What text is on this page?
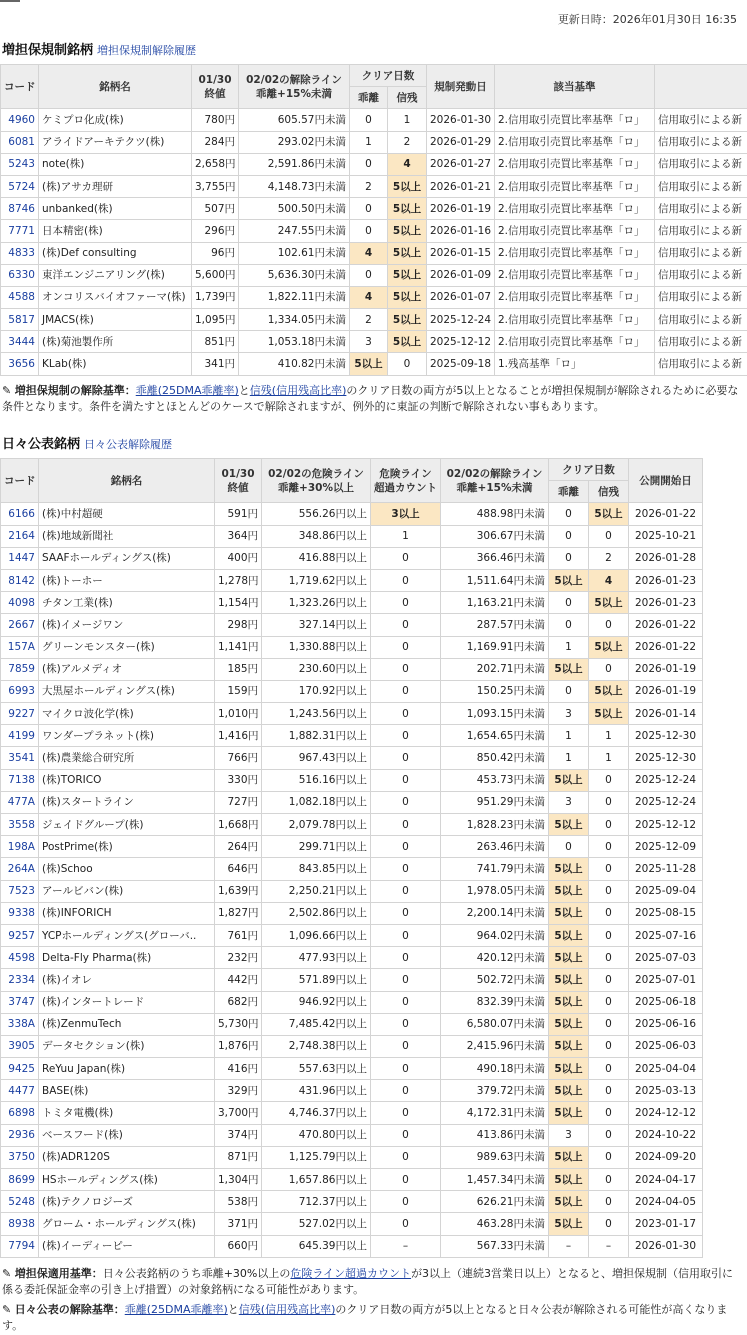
更新日時：2026年01月30日 16:35
増担保規制銘柄 増担保規制解除履歴
コード	銘柄名	01/30
終値	02/02の解除ライン
乖離+15%未満	クリア日数		規制発動日	該当基準	
				乖離	信残			
4960	ケミプロ化成(株)	780円	605.57円未満	0	1	2026-01-30	2.信用取引売買比率基準「ロ」	信用取引による新
6081	アライドアーキテクツ(株)	284円	293.02円未満	1	2	2026-01-29	2.信用取引売買比率基準「ロ」	信用取引による新
5243	note(株)	2,658円	2,591.86円未満	0	4	2026-01-27	2.信用取引売買比率基準「ロ」	信用取引による新
5724	(株)アサカ理研	3,755円	4,148.73円未満	2	5以上	2026-01-21	2.信用取引売買比率基準「ロ」	信用取引による新
8746	unbanked(株)	507円	500.50円未満	0	5以上	2026-01-19	2.信用取引売買比率基準「ロ」	信用取引による新
7771	日本精密(株)	296円	247.55円未満	0	5以上	2026-01-16	2.信用取引売買比率基準「ロ」	信用取引による新
4833	(株)Def consulting	96円	102.61円未満	4	5以上	2026-01-15	2.信用取引売買比率基準「ロ」	信用取引による新
6330	東洋エンジニアリング(株)	5,600円	5,636.30円未満	0	5以上	2026-01-09	2.信用取引売買比率基準「ロ」	信用取引による新
4588	オンコリスバイオファーマ(株)	1,739円	1,822.11円未満	4	5以上	2026-01-07	2.信用取引売買比率基準「ロ」	信用取引による新
5817	JMACS(株)	1,095円	1,334.05円未満	2	5以上	2025-12-24	2.信用取引売買比率基準「ロ」	信用取引による新
3444	(株)菊池製作所	851円	1,053.18円未満	3	5以上	2025-12-12	2.信用取引売買比率基準「ロ」	信用取引による新
3656	KLab(株)	341円	410.82円未満	5以上	0	2025-09-18	1.残高基準「ロ」	信用取引による新
✎ 増担保規制の解除基準：乖離(25DMA乖離率)と信残(信用残高比率)のクリア日数の両方が5以上となることが増担保規制が解除されるために必要な条件となります。条件を満たすとほとんどのケースで解除されますが、例外的に東証の判断で解除されない事もあります。
日々公表銘柄 日々公表解除履歴
コード	銘柄名	01/30
終値	02/02の危険ライン
乖離+30%以上	危険ライン
超過カウント	02/02の解除ライン
乖離+15%未満	クリア日数		公開開始日
						乖離	信残	
6166	(株)中村超硬	591円	556.26円以上	3以上	488.98円未満	0	5以上	2026-01-22
2164	(株)地域新聞社	364円	348.86円以上	1	306.67円未満	0	0	2025-10-21
1447	SAAFホールディングス(株)	400円	416.88円以上	0	366.46円未満	0	2	2026-01-28
8142	(株)トーホー	1,278円	1,719.62円以上	0	1,511.64円未満	5以上	4	2026-01-23
4098	チタン工業(株)	1,154円	1,323.26円以上	0	1,163.21円未満	0	5以上	2026-01-23
2667	(株)イメージワン	298円	327.14円以上	0	287.57円未満	0	0	2026-01-22
157A	グリーンモンスター(株)	1,141円	1,330.88円以上	0	1,169.91円未満	1	5以上	2026-01-22
7859	(株)アルメディオ	185円	230.60円以上	0	202.71円未満	5以上	0	2026-01-19
6993	大黒屋ホールディングス(株)	159円	170.92円以上	0	150.25円未満	0	5以上	2026-01-19
9227	マイクロ波化学(株)	1,010円	1,243.56円以上	0	1,093.15円未満	3	5以上	2026-01-14
4199	ワンダープラネット(株)	1,416円	1,882.31円以上	0	1,654.65円未満	1	1	2025-12-30
3541	(株)農業総合研究所	766円	967.43円以上	0	850.42円未満	1	1	2025-12-30
7138	(株)TORICO	330円	516.16円以上	0	453.73円未満	5以上	0	2025-12-24
477A	(株)スタートライン	727円	1,082.18円以上	0	951.29円未満	3	0	2025-12-24
3558	ジェイドグループ(株)	1,668円	2,079.78円以上	0	1,828.23円未満	5以上	0	2025-12-12
198A	PostPrime(株)	264円	299.71円以上	0	263.46円未満	0	0	2025-12-09
264A	(株)Schoo	646円	843.85円以上	0	741.79円未満	5以上	0	2025-11-28
7523	アールビバン(株)	1,639円	2,250.21円以上	0	1,978.05円未満	5以上	0	2025-09-04
9338	(株)INFORICH	1,827円	2,502.86円以上	0	2,200.14円未満	5以上	0	2025-08-15
9257	YCPホールディングス(グローバ..	761円	1,096.66円以上	0	964.02円未満	5以上	0	2025-07-16
4598	Delta-Fly Pharma(株)	232円	477.93円以上	0	420.12円未満	5以上	0	2025-07-03
2334	(株)イオレ	442円	571.89円以上	0	502.72円未満	5以上	0	2025-07-01
3747	(株)インタートレード	682円	946.92円以上	0	832.39円未満	5以上	0	2025-06-18
338A	(株)ZenmuTech	5,730円	7,485.42円以上	0	6,580.07円未満	5以上	0	2025-06-16
3905	データセクション(株)	1,876円	2,748.38円以上	0	2,415.96円未満	5以上	0	2025-06-03
9425	ReYuu Japan(株)	416円	557.63円以上	0	490.18円未満	5以上	0	2025-04-04
4477	BASE(株)	329円	431.96円以上	0	379.72円未満	5以上	0	2025-03-13
6898	トミタ電機(株)	3,700円	4,746.37円以上	0	4,172.31円未満	5以上	0	2024-12-12
2936	ベースフード(株)	374円	470.80円以上	0	413.86円未満	3	0	2024-10-22
3750	(株)ADR120S	871円	1,125.79円以上	0	989.63円未満	5以上	0	2024-09-20
8699	HSホールディングス(株)	1,304円	1,657.86円以上	0	1,457.34円未満	5以上	0	2024-04-17
5248	(株)テクノロジーズ	538円	712.37円以上	0	626.21円未満	5以上	0	2024-04-05
8938	グローム・ホールディングス(株)	371円	527.02円以上	0	463.28円未満	5以上	0	2023-01-17
7794	(株)イーディーピー	660円	645.39円以上	–	567.33円未満	–	–	2026-01-30
✎ 増担保適用基準：日々公表銘柄のうち乖離+30%以上の危険ライン超過カウントが3以上（連続3営業日以上）となると、増担保規制（信用取引に係る委託保証金率の引き上げ措置）の対象銘柄になる可能性があります。
✎ 日々公表の解除基準：乖離(25DMA乖離率)と信残(信用残高比率)のクリア日数の両方が5以上となると日々公表が解除される可能性が高くなります。
